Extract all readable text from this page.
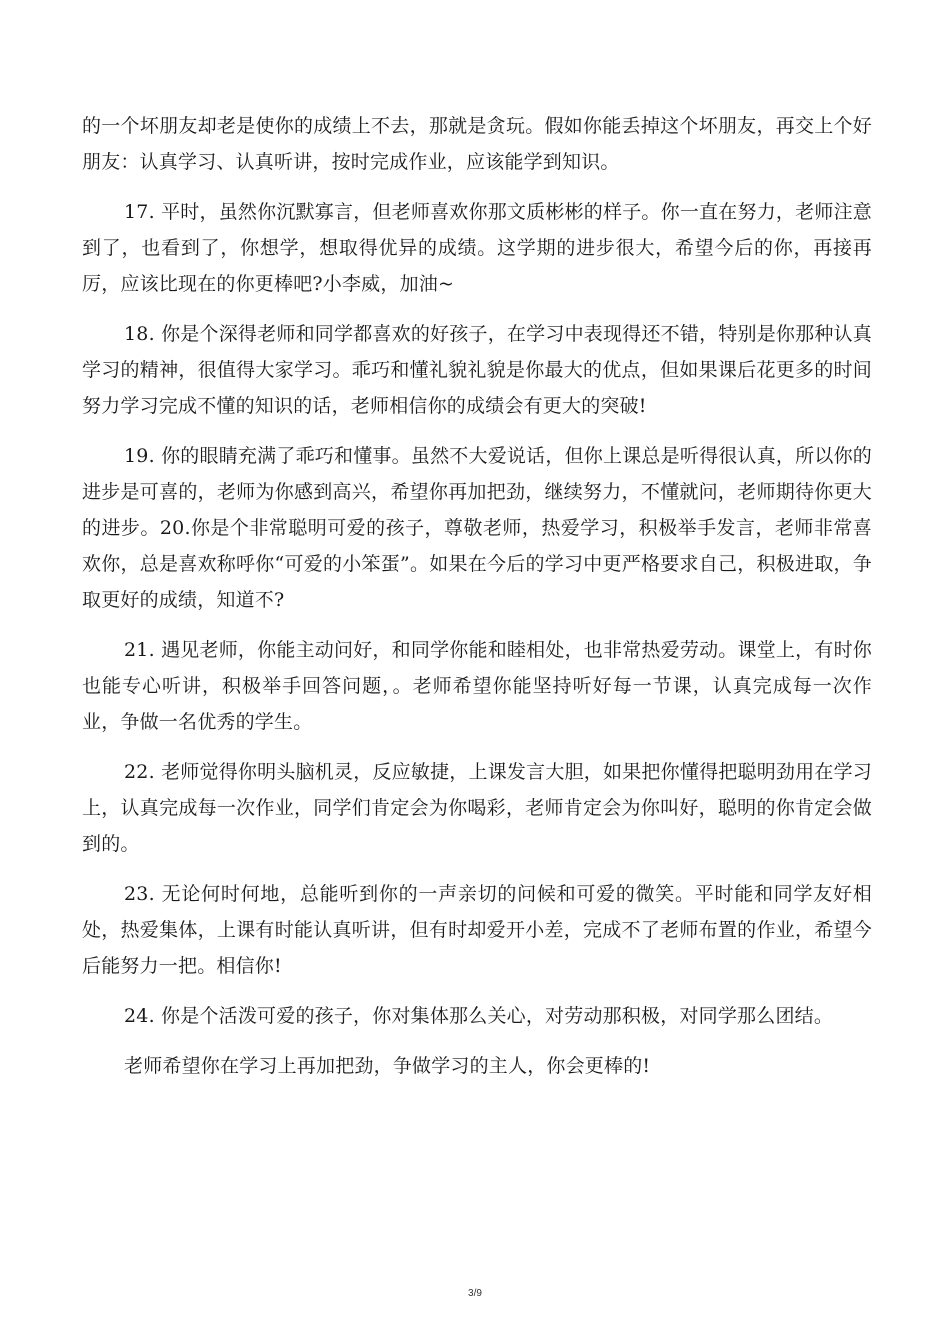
的一个坏朋友却老是使你的成绩上不去，那就是贪玩。假如你能丢掉这个坏朋友，再交上个好朋友：认真学习、认真听讲，按时完成作业，应该能学到知识。

17. 平时，虽然你沉默寡言，但老师喜欢你那文质彬彬的样子。你一直在努力，老师注意到了，也看到了，你想学，想取得优异的成绩。这学期的进步很大，希望今后的你，再接再厉，应该比现在的你更棒吧?小李威，加油~

18. 你是个深得老师和同学都喜欢的好孩子，在学习中表现得还不错，特别是你那种认真学习的精神，很值得大家学习。乖巧和懂礼貌礼貌是你最大的优点，但如果课后花更多的时间努力学习完成不懂的知识的话，老师相信你的成绩会有更大的突破!

19. 你的眼睛充满了乖巧和懂事。虽然不大爱说话，但你上课总是听得很认真，所以你的进步是可喜的，老师为你感到高兴，希望你再加把劲，继续努力，不懂就问，老师期待你更大的进步。20.你是个非常聪明可爱的孩子，尊敬老师，热爱学习，积极举手发言，老师非常喜欢你，总是喜欢称呼你“可爱的小笨蛋”。如果在今后的学习中更严格要求自己，积极进取，争取更好的成绩，知道不?

21. 遇见老师，你能主动问好，和同学你能和睦相处，也非常热爱劳动。课堂上，有时你也能专心听讲，积极举手回答问题，。老师希望你能坚持听好每一节课，认真完成每一次作业，争做一名优秀的学生。

22. 老师觉得你明头脑机灵，反应敏捷，上课发言大胆，如果把你懂得把聪明劲用在学习上，认真完成每一次作业，同学们肯定会为你喝彩，老师肯定会为你叫好，聪明的你肯定会做到的。

23. 无论何时何地，总能听到你的一声亲切的问候和可爱的微笑。平时能和同学友好相处，热爱集体，上课有时能认真听讲，但有时却爱开小差，完成不了老师布置的作业，希望今后能努力一把。相信你!

24. 你是个活泼可爱的孩子，你对集体那么关心，对劳动那积极，对同学那么团结。

老师希望你在学习上再加把劲，争做学习的主人，你会更棒的!

3/9
